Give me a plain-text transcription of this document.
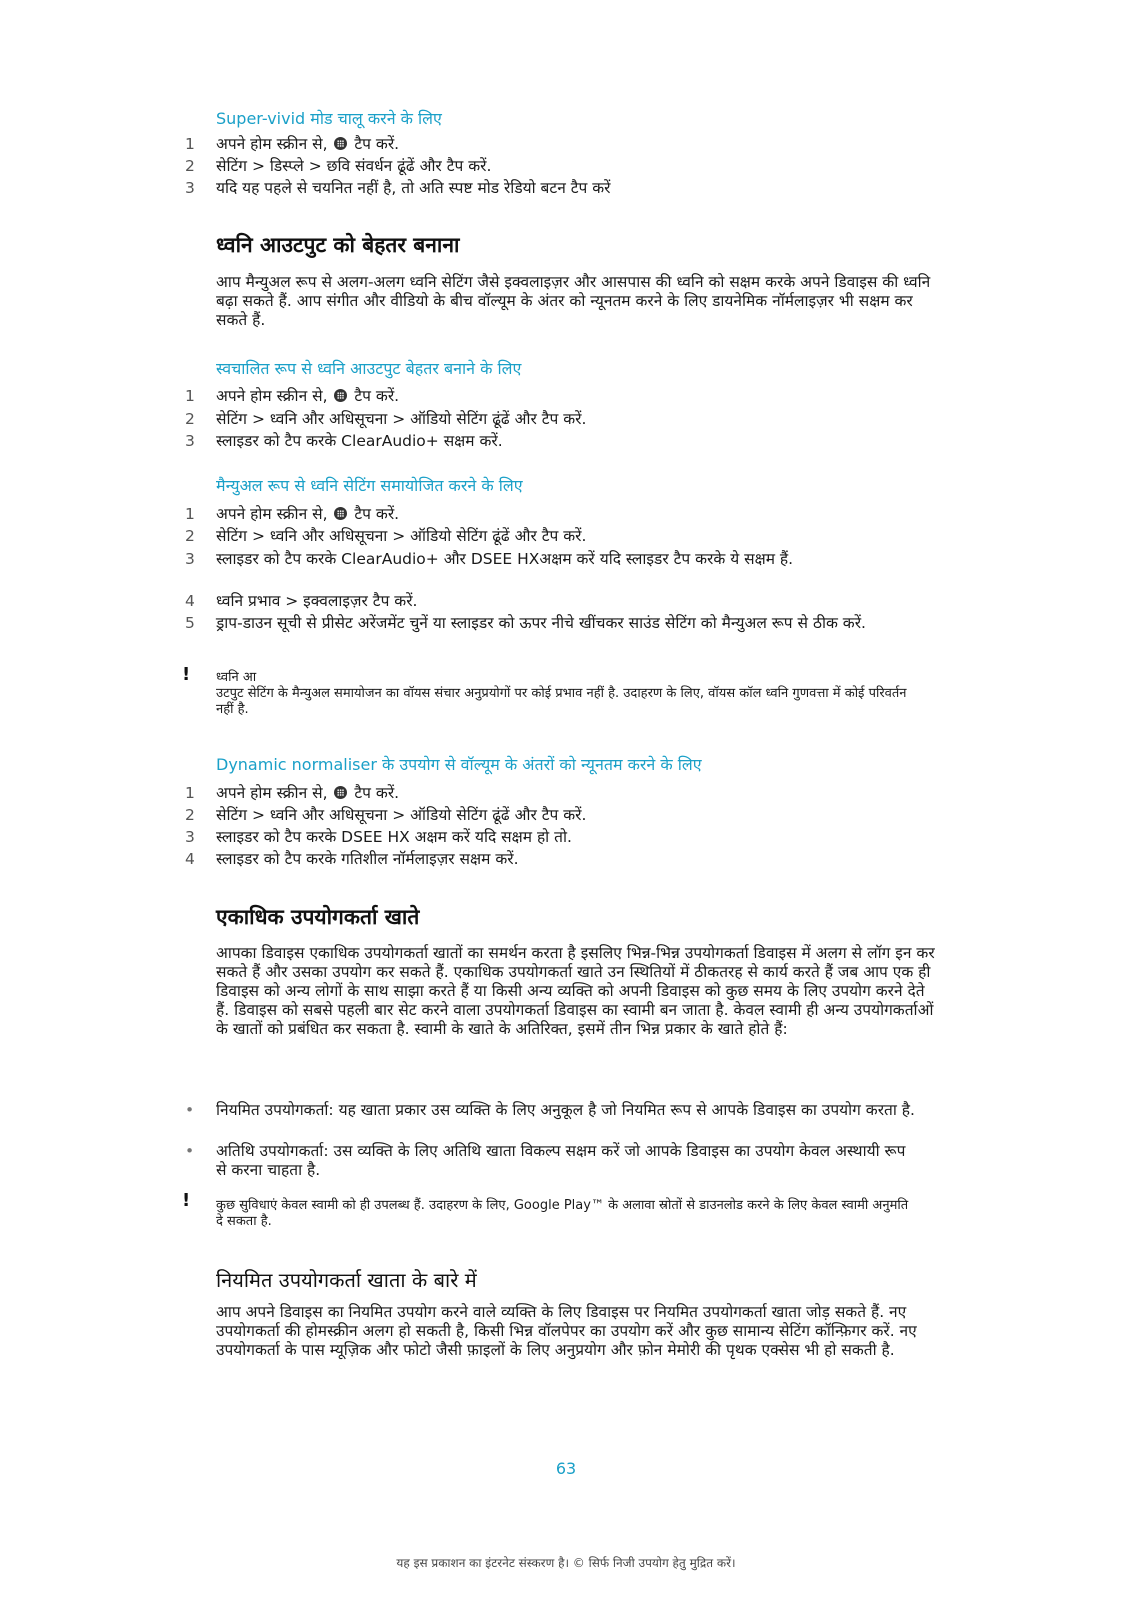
Super-vivid मोड चालू करने के लिए
1 अपने होम स्क्रीन से, टैप करें.
2 सेटिंग > डिस्प्ले > छवि संवर्धन ढूंढें और टैप करें.
3 यदि यह पहले से चयनित नहीं है, तो अति स्पष्ट मोड रेडियो बटन टैप करें
ध्वनि आउटपुट को बेहतर बनाना
आप मैन्युअल रूप से अलग-अलग ध्वनि सेटिंग जैसे इक्वलाइज़र और आसपास की ध्वनि को सक्षम करके अपने डिवाइस की ध्वनि बढ़ा सकते हैं. आप संगीत और वीडियो के बीच वॉल्यूम के अंतर को न्यूनतम करने के लिए डायनेमिक नॉर्मलाइज़र भी सक्षम कर सकते हैं.
स्वचालित रूप से ध्वनि आउटपुट बेहतर बनाने के लिए
1 अपने होम स्क्रीन से, टैप करें.
2 सेटिंग > ध्वनि और अधिसूचना > ऑडियो सेटिंग ढूंढें और टैप करें.
3 स्लाइडर को टैप करके ClearAudio+ सक्षम करें.
मैन्युअल रूप से ध्वनि सेटिंग समायोजित करने के लिए
1 अपने होम स्क्रीन से, टैप करें.
2 सेटिंग > ध्वनि और अधिसूचना > ऑडियो सेटिंग ढूंढें और टैप करें.
3 स्लाइडर को टैप करके ClearAudio+ और DSEE HXअक्षम करें यदि स्लाइडर टैप करके ये सक्षम हैं.
4 ध्वनि प्रभाव > इक्वलाइज़र टैप करें.
5 ड्राप-डाउन सूची से प्रीसेट अरेंजमेंट चुनें या स्लाइडर को ऊपर नीचे खींचकर साउंड सेटिंग को मैन्युअल रूप से ठीक करें.
! ध्वनि आ
उटपुट सेटिंग के मैन्युअल समायोजन का वॉयस संचार अनुप्रयोगों पर कोई प्रभाव नहीं है. उदाहरण के लिए, वॉयस कॉल ध्वनि गुणवत्ता में कोई परिवर्तन नहीं है.
Dynamic normaliser के उपयोग से वॉल्यूम के अंतरों को न्यूनतम करने के लिए
1 अपने होम स्क्रीन से, टैप करें.
2 सेटिंग > ध्वनि और अधिसूचना > ऑडियो सेटिंग ढूंढें और टैप करें.
3 स्लाइडर को टैप करके DSEE HX अक्षम करें यदि सक्षम हो तो.
4 स्लाइडर को टैप करके गतिशील नॉर्मलाइज़र सक्षम करें.
एकाधिक उपयोगकर्ता खाते
आपका डिवाइस एकाधिक उपयोगकर्ता खातों का समर्थन करता है इसलिए भिन्न-भिन्न उपयोगकर्ता डिवाइस में अलग से लॉग इन कर सकते हैं और उसका उपयोग कर सकते हैं. एकाधिक उपयोगकर्ता खाते उन स्थितियों में ठीकतरह से कार्य करते हैं जब आप एक ही डिवाइस को अन्य लोगों के साथ साझा करते हैं या किसी अन्य व्यक्ति को अपनी डिवाइस को कुछ समय के लिए उपयोग करने देते हैं. डिवाइस को सबसे पहली बार सेट करने वाला उपयोगकर्ता डिवाइस का स्वामी बन जाता है. केवल स्वामी ही अन्य उपयोगकर्ताओं के खातों को प्रबंधित कर सकता है. स्वामी के खाते के अतिरिक्त, इसमें तीन भिन्न प्रकार के खाते होते हैं:
• नियमित उपयोगकर्ता: यह खाता प्रकार उस व्यक्ति के लिए अनुकूल है जो नियमित रूप से आपके डिवाइस का उपयोग करता है.
• अतिथि उपयोगकर्ता: उस व्यक्ति के लिए अतिथि खाता विकल्प सक्षम करें जो आपके डिवाइस का उपयोग केवल अस्थायी रूप से करना चाहता है.
! कुछ सुविधाएं केवल स्वामी को ही उपलब्ध हैं. उदाहरण के लिए, Google Play™ के अलावा स्रोतों से डाउनलोड करने के लिए केवल स्वामी अनुमति दे सकता है.
नियमित उपयोगकर्ता खाता के बारे में
आप अपने डिवाइस का नियमित उपयोग करने वाले व्यक्ति के लिए डिवाइस पर नियमित उपयोगकर्ता खाता जोड़ सकते हैं. नए उपयोगकर्ता की होमस्क्रीन अलग हो सकती है, किसी भिन्न वॉलपेपर का उपयोग करें और कुछ सामान्य सेटिंग कॉन्फ़िगर करें. नए उपयोगकर्ता के पास म्यूज़िक और फोटो जैसी फ़ाइलों के लिए अनुप्रयोग और फ़ोन मेमोरी की पृथक एक्सेस भी हो सकती है.
63
यह इस प्रकाशन का इंटरनेट संस्करण है। © सिर्फ निजी उपयोग हेतु मुद्रित करें।
